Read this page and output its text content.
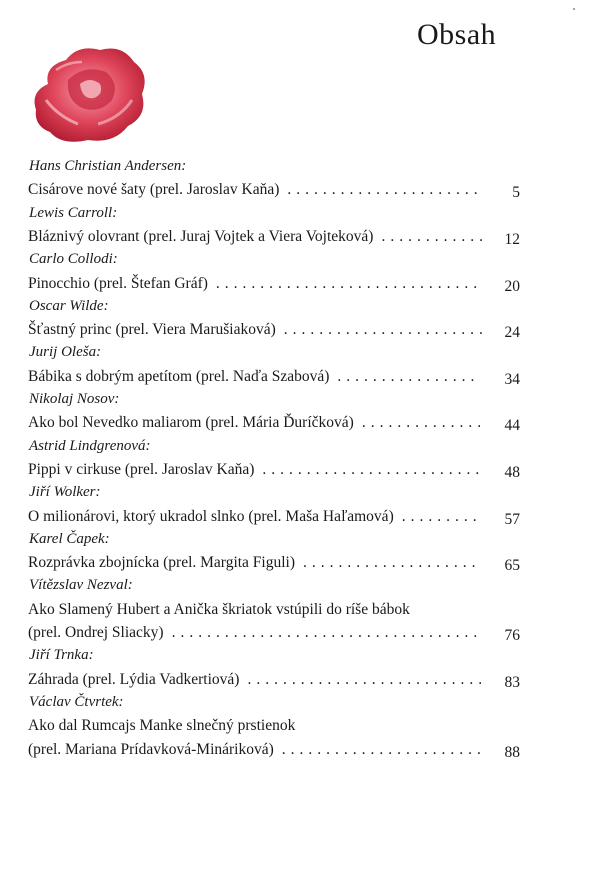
Obsah
Hans Christian Andersen:
Cisárove nové šaty (prel. Jaroslav Kaňa) ......................	5
Lewis Carroll:
Bláznivý olovrant (prel. Juraj Vojtek a Viera Vojteková) ............	12
Carlo Collodi:
Pinocchio (prel. Štefan Gráf) ..............................	20
Oscar Wilde:
Šťastný princ (prel. Viera Marušiaková) .......................	24
Jurij Oleša:
Bábika s dobrým apetítom (prel. Naďa Szabová) ................	34
Nikolaj Nosov:
Ako bol Nevedko maliarom (prel. Mária Ďuríčková) ..............	44
Astrid Lindgrenová:
Pippi v cirkuse (prel. Jaroslav Kaňa) .........................	48
Jiří Wolker:
O milionárovi, ktorý ukradol slnko (prel. Maša Haľamová) .........	57
Karel Čapek:
Rozprávka zbojnícka (prel. Margita Figuli) ....................	65
Vítězslav Nezval:
Ako Slamený Hubert a Anička škriatok vstúpili do ríše bábok
(prel. Ondrej Sliacky) ...................................	76
Jiří Trnka:
Záhrada (prel. Lýdia Vadkertiová) ...........................	83
Václav Čtvrtek:
Ako dal Rumcajs Manke slnečný prstienok
(prel. Mariana Prídavková-Mináriková) .......................	88
